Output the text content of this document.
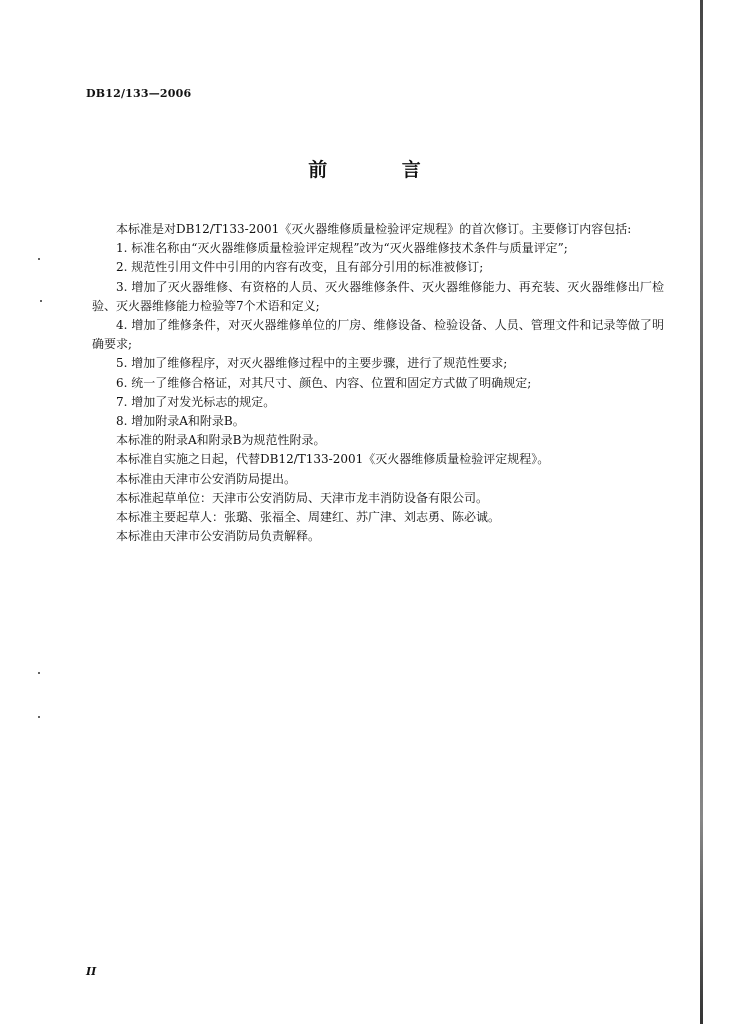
DB12/133—2006
前 言

本标准是对DB12/T133-2001《灭火器维修质量检验评定规程》的首次修订。主要修订内容包括:

1. 标准名称由“灭火器维修质量检验评定规程”改为“灭火器维修技术条件与质量评定”;

2. 规范性引用文件中引用的内容有改变，且有部分引用的标准被修订;

3. 增加了灭火器维修、有资格的人员、灭火器维修条件、灭火器维修能力、再充装、灭火器维修出厂检验、灭火器维修能力检验等7个术语和定义;

4. 增加了维修条件，对灭火器维修单位的厂房、维修设备、检验设备、人员、管理文件和记录等做了明确要求;

5. 增加了维修程序，对灭火器维修过程中的主要步骤，进行了规范性要求;

6. 统一了维修合格证，对其尺寸、颜色、内容、位置和固定方式做了明确规定;

7. 增加了对发光标志的规定。

8. 增加附录A和附录B。

本标准的附录A和附录B为规范性附录。

本标准自实施之日起，代替DB12/T133-2001《灭火器维修质量检验评定规程》。

本标准由天津市公安消防局提出。

本标准起草单位：天津市公安消防局、天津市龙丰消防设备有限公司。

本标准主要起草人：张璐、张福全、周建红、苏广津、刘志勇、陈必诚。

本标准由天津市公安消防局负责解释。

II
